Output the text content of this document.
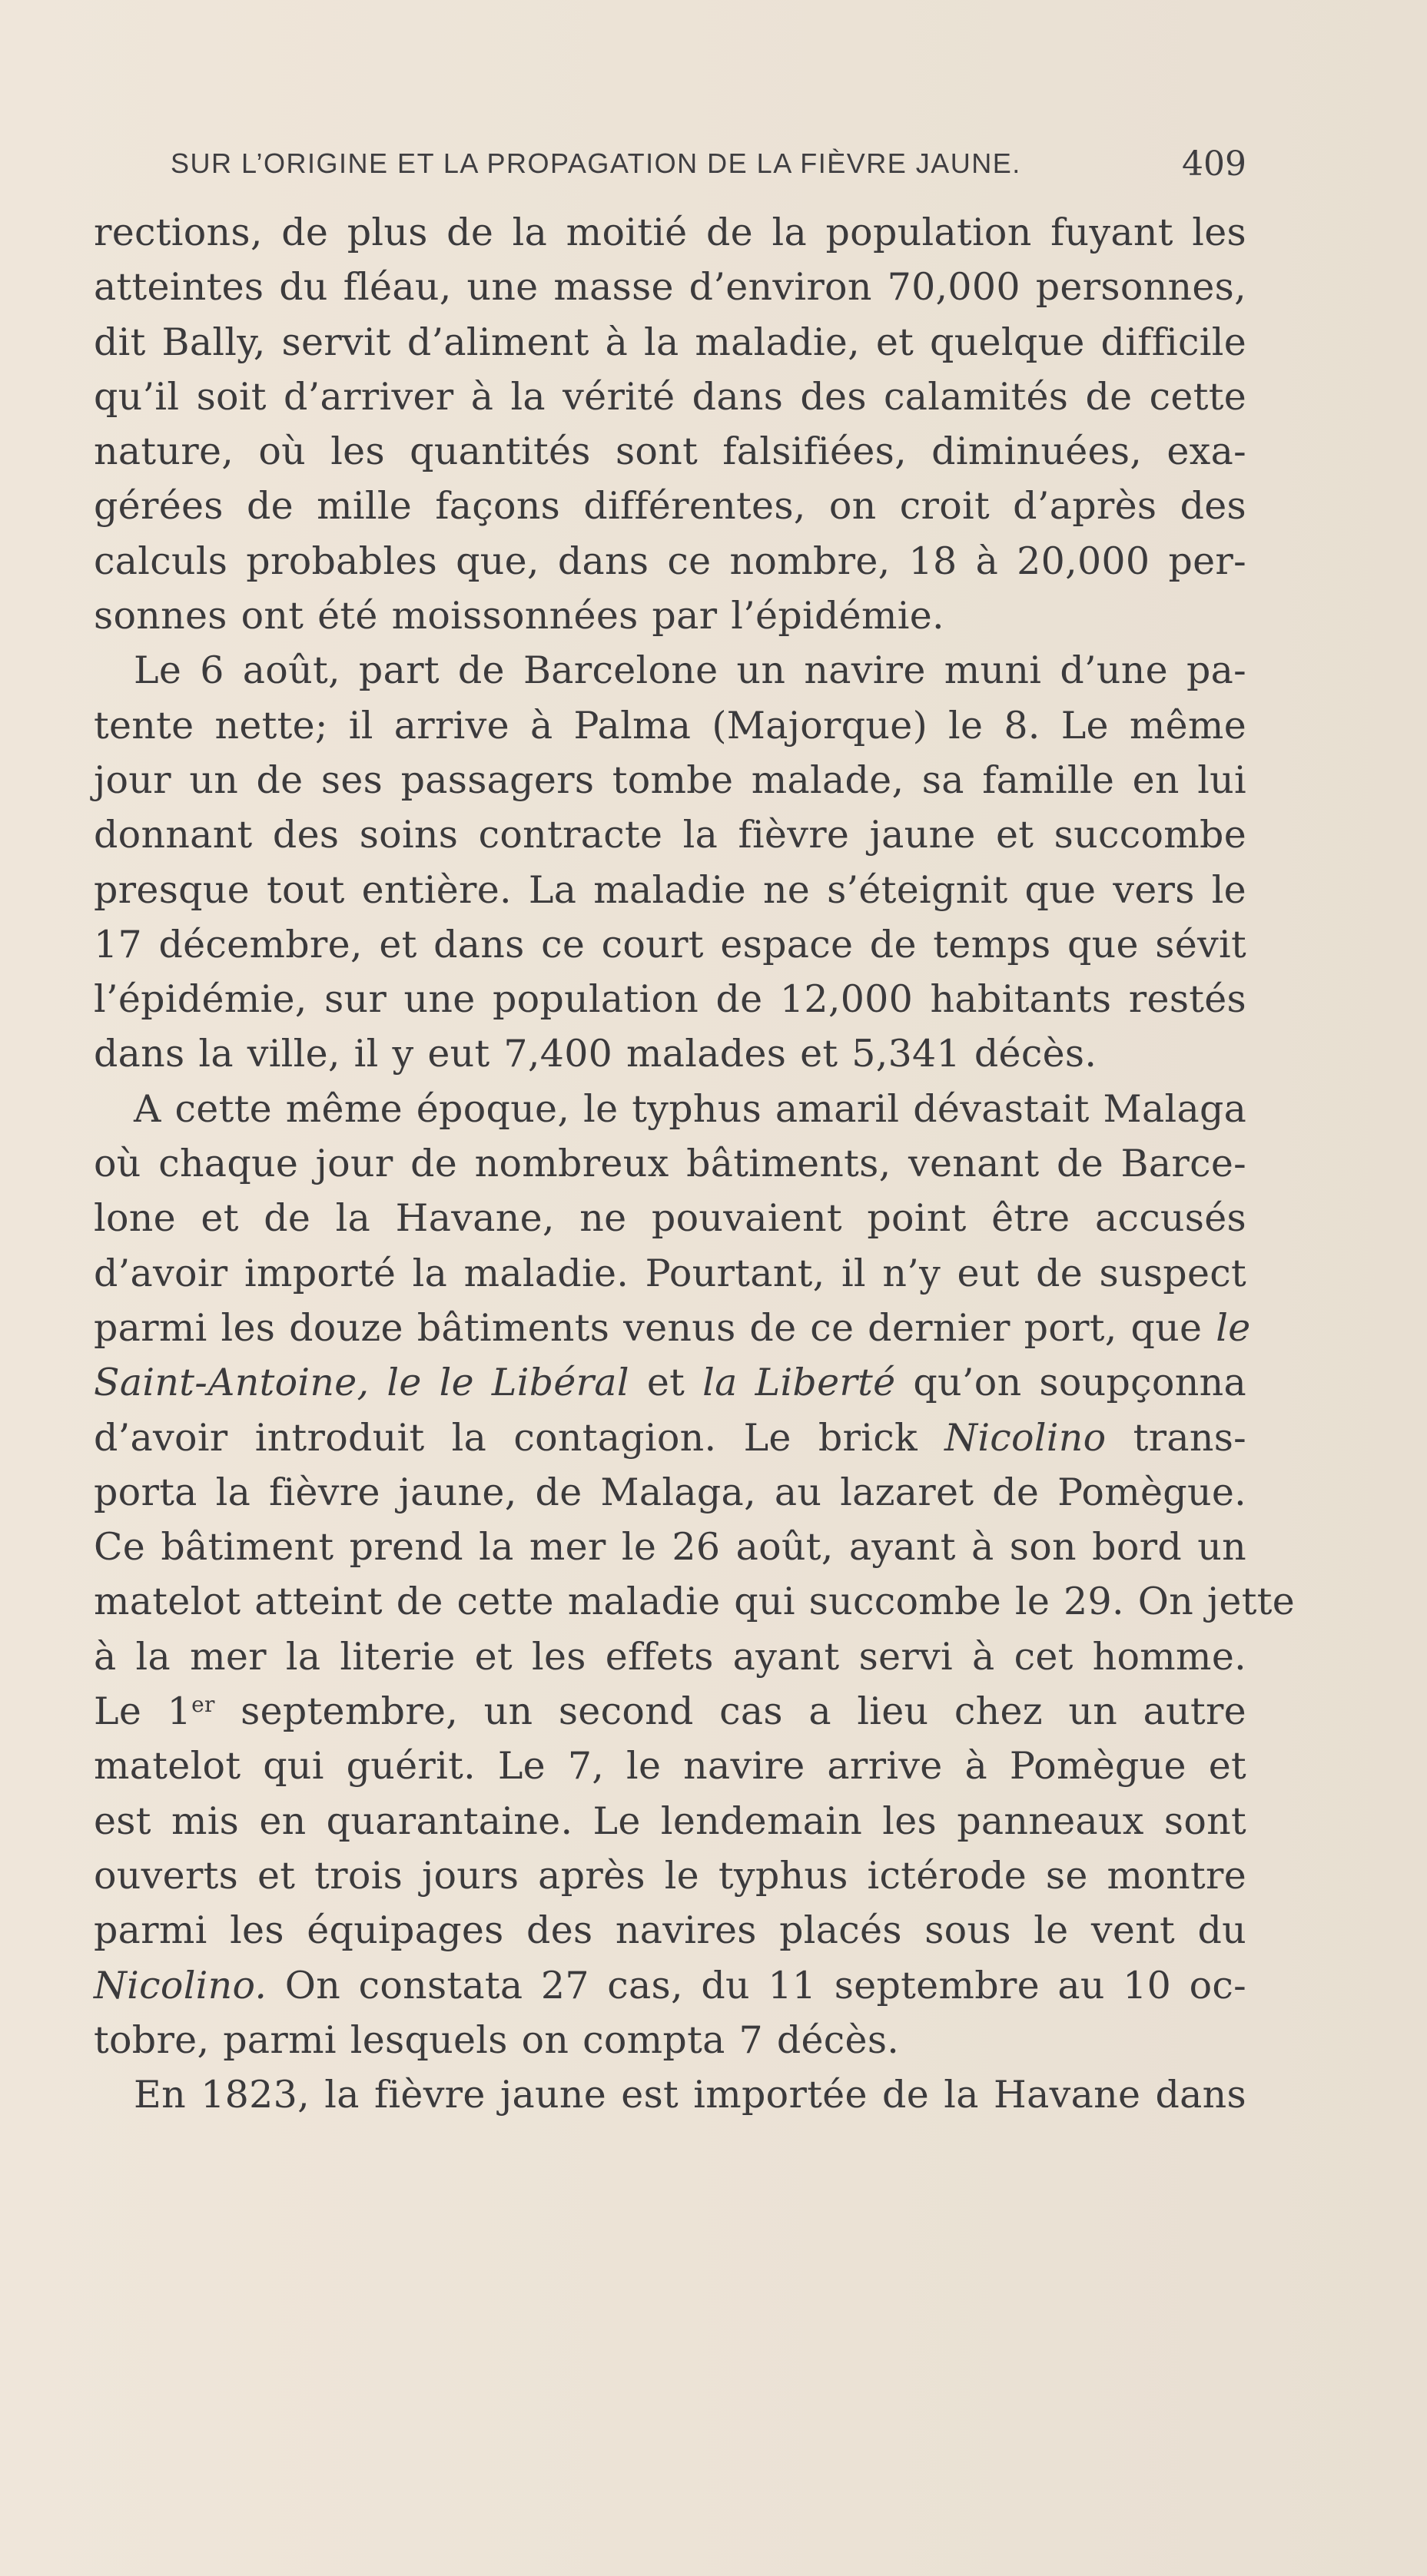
SUR L’ORIGINE ET LA PROPAGATION DE LA FIÈVRE JAUNE.	409
rections, de plus de la moitié de la population fuyant les
atteintes du fléau, une masse d’environ 70,000 personnes,
dit Bally, servit d’aliment à la maladie, et quelque difficile
qu’il soit d’arriver à la vérité dans des calamités de cette
nature, où les quantités sont falsifiées, diminuées, exa-
gérées de mille façons différentes, on croit d’après des
calculs probables que, dans ce nombre, 18 à 20,000 per-
sonnes ont été moissonnées par l’épidémie.
Le 6 août, part de Barcelone un navire muni d’une pa-
tente nette; il arrive à Palma (Majorque) le 8. Le même
jour un de ses passagers tombe malade, sa famille en lui
donnant des soins contracte la fièvre jaune et succombe
presque tout entière. La maladie ne s’éteignit que vers le
17 décembre, et dans ce court espace de temps que sévit
l’épidémie, sur une population de 12,000 habitants restés
dans la ville, il y eut 7,400 malades et 5,341 décès.
A cette même époque, le typhus amaril dévastait Malaga
où chaque jour de nombreux bâtiments, venant de Barce-
lone et de la Havane, ne pouvaient point être accusés
d’avoir importé la maladie. Pourtant, il n’y eut de suspect
parmi les douze bâtiments venus de ce dernier port, que le
Saint-Antoine, le le Libéral et la Liberté qu’on soupçonna
d’avoir introduit la contagion. Le brick Nicolino trans-
porta la fièvre jaune, de Malaga, au lazaret de Pomègue.
Ce bâtiment prend la mer le 26 août, ayant à son bord un
matelot atteint de cette maladie qui succombe le 29. On jette
à la mer la literie et les effets ayant servi à cet homme.
Le 1er septembre, un second cas a lieu chez un autre
matelot qui guérit. Le 7, le navire arrive à Pomègue et
est mis en quarantaine. Le lendemain les panneaux sont
ouverts et trois jours après le typhus ictérode se montre
parmi les équipages des navires placés sous le vent du
Nicolino. On constata 27 cas, du 11 septembre au 10 oc-
tobre, parmi lesquels on compta 7 décès.
En 1823, la fièvre jaune est importée de la Havane dans
